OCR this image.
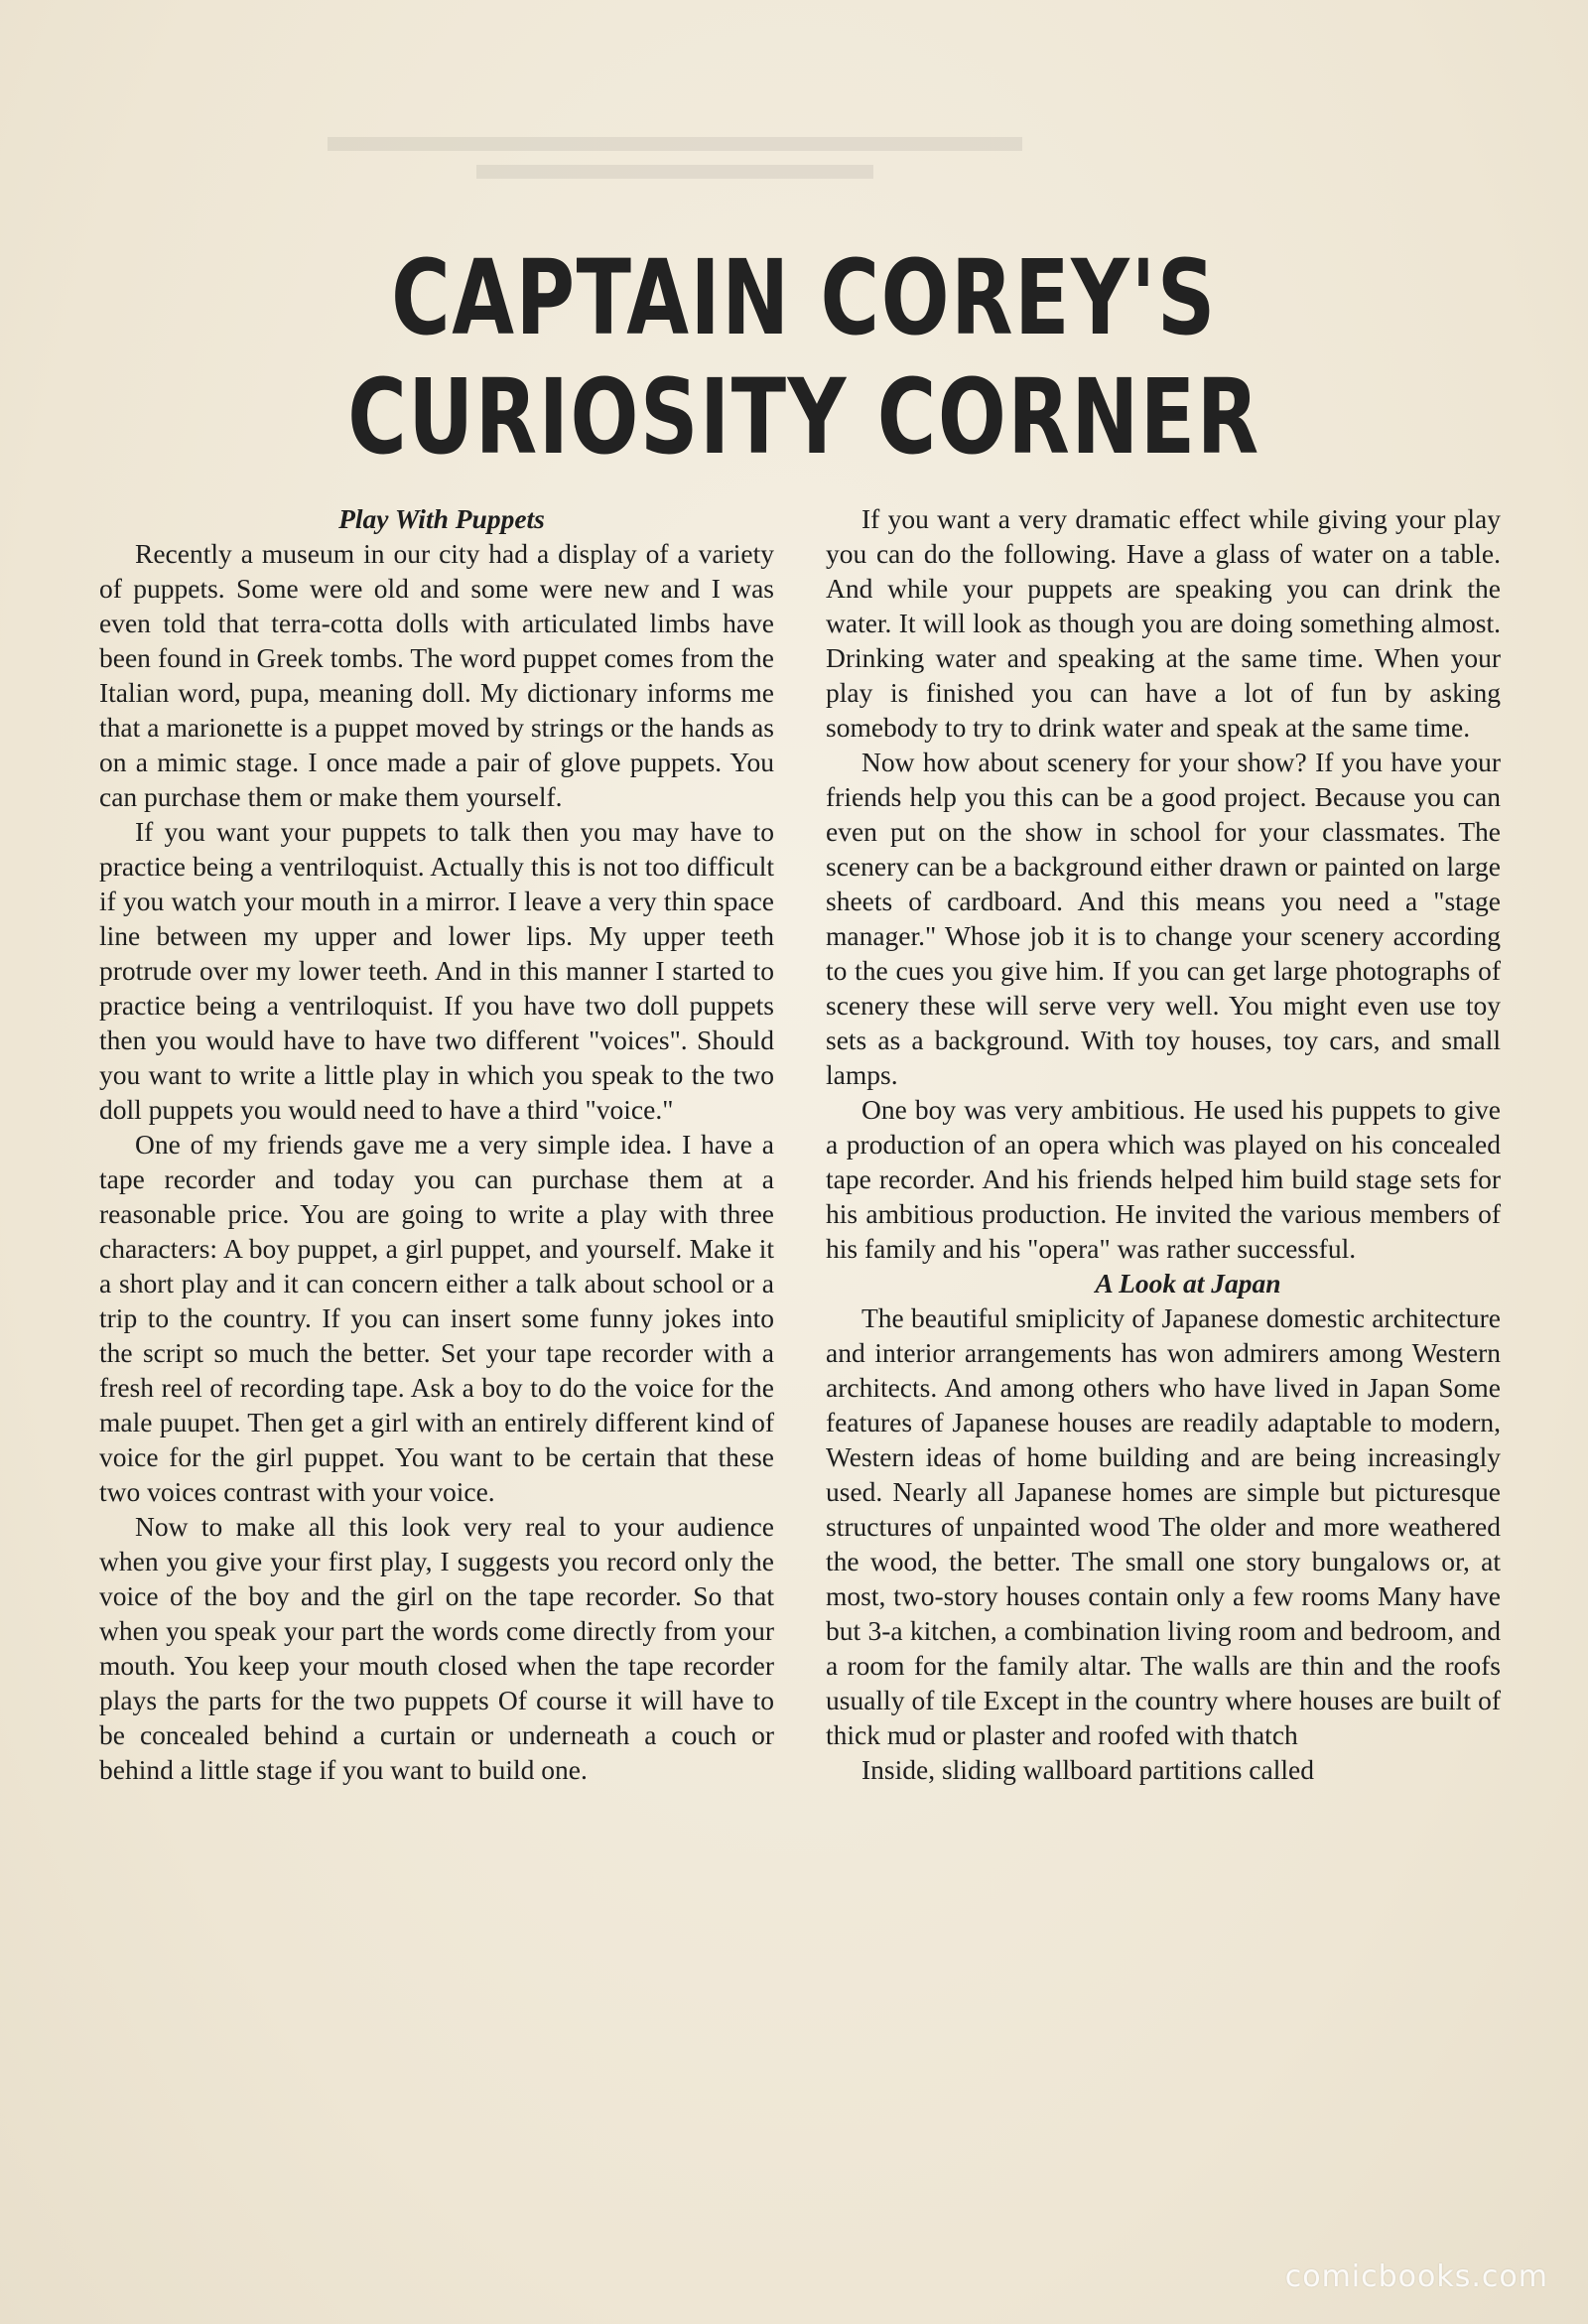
CAPTAIN COREY'S
CURIOSITY CORNER
Play With Puppets

Recently a museum in our city had a display of a variety of puppets. Some were old and some were new and I was even told that terra-cotta dolls with articulated limbs have been found in Greek tombs. The word puppet comes from the Italian word, pupa, meaning doll. My dictionary informs me that a marionette is a puppet moved by strings or the hands as on a mimic stage. I once made a pair of glove puppets. You can purchase them or make them yourself.

If you want your puppets to talk then you may have to practice being a ventriloquist. Actually this is not too difficult if you watch your mouth in a mirror. I leave a very thin space line between my upper and lower lips. My upper teeth protrude over my lower teeth. And in this manner I started to practice being a ventriloquist. If you have two doll puppets then you would have to have two different "voices". Should you want to write a little play in which you speak to the two doll puppets you would need to have a third "voice."

One of my friends gave me a very simple idea. I have a tape recorder and today you can purchase them at a reasonable price. You are going to write a play with three characters: A boy puppet, a girl puppet, and yourself. Make it a short play and it can concern either a talk about school or a trip to the country. If you can insert some funny jokes into the script so much the better. Set your tape recorder with a fresh reel of recording tape. Ask a boy to do the voice for the male puupet. Then get a girl with an entirely different kind of voice for the girl puppet. You want to be certain that these two voices contrast with your voice.

Now to make all this look very real to your audience when you give your first play, I suggests you record only the voice of the boy and the girl on the tape recorder. So that when you speak your part the words come directly from your mouth. You keep your mouth closed when the tape recorder plays the parts for the two puppets Of course it will have to be concealed behind a curtain or underneath a couch or behind a little stage if you want to build one.

If you want a very dramatic effect while giving your play you can do the following. Have a glass of water on a table. And while your puppets are speaking you can drink the water. It will look as though you are doing something almost. Drinking water and speaking at the same time. When your play is finished you can have a lot of fun by asking somebody to try to drink water and speak at the same time.

Now how about scenery for your show? If you have your friends help you this can be a good project. Because you can even put on the show in school for your classmates. The scenery can be a background either drawn or painted on large sheets of cardboard. And this means you need a "stage manager." Whose job it is to change your scenery according to the cues you give him. If you can get large photographs of scenery these will serve very well. You might even use toy sets as a background. With toy houses, toy cars, and small lamps.

One boy was very ambitious. He used his puppets to give a production of an opera which was played on his concealed tape recorder. And his friends helped him build stage sets for his ambitious production. He invited the various members of his family and his "opera" was rather successful.

A Look at Japan

The beautiful smiplicity of Japanese domestic architecture and interior arrangements has won admirers among Western architects. And among others who have lived in Japan Some features of Japanese houses are readily adaptable to modern, Western ideas of home building and are being increasingly used. Nearly all Japanese homes are simple but picturesque structures of unpainted wood The older and more weathered the wood, the better. The small one story bungalows or, at most, two-story houses contain only a few rooms Many have but 3-a kitchen, a combination living room and bedroom, and a room for the family altar. The walls are thin and the roofs usually of tile Except in the country where houses are built of thick mud or plaster and roofed with thatch

Inside, sliding wallboard partitions called

comicbooks.com
